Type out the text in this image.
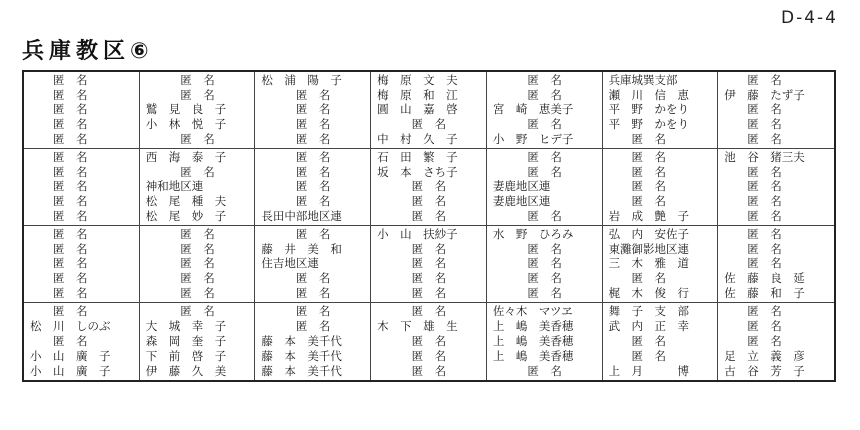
D-4-4
兵庫教区⑥
　　匿　名
　　匿　名
　　匿　名
　　匿　名
　　匿　名
　　　匿　名
　　　匿　名
鷲　見　良　子
小　林　悦　子
　　　匿　名
松　浦　陽　子
　　　匿　名
　　　匿　名
　　　匿　名
　　　匿　名
梅　原　文　夫
梅　原　和　江
圓　山　嘉　啓
　　　匿　名
中　村　久　子
　　　匿　名
　　　匿　名
宮　崎　恵美子
　　　匿　名
小　野　ヒデ子
兵庫城巽支部
瀬　川　信　恵
平　野　かをり
平　野　かをり
　　匿　名
　　匿　名
伊　藤　たず子
　　匿　名
　　匿　名
　　匿　名
　　匿　名
　　匿　名
　　匿　名
　　匿　名
　　匿　名
西　海　泰　子
　　　匿　名
神和地区連
松　尾　種　夫
松　尾　妙　子
　　　匿　名
　　　匿　名
　　　匿　名
　　　匿　名
長田中部地区連
石　田　繁　子
坂　本　さち子
　　　匿　名
　　　匿　名
　　　匿　名
　　　匿　名
　　　匿　名
妻鹿地区連
妻鹿地区連
　　　匿　名
　　匿　名
　　匿　名
　　匿　名
　　匿　名
岩　成　艶　子
池　谷　猪三夫
　　匿　名
　　匿　名
　　匿　名
　　匿　名
　　匿　名
　　匿　名
　　匿　名
　　匿　名
　　匿　名
　　　匿　名
　　　匿　名
　　　匿　名
　　　匿　名
　　　匿　名
　　　匿　名
藤　井　美　和
住吉地区連
　　　匿　名
　　　匿　名
小　山　扶紗子
　　　匿　名
　　　匿　名
　　　匿　名
　　　匿　名
水　野　ひろみ
　　　匿　名
　　　匿　名
　　　匿　名
　　　匿　名
弘　内　安佐子
東灘御影地区連
三　木　雅　道
　　匿　名
梶　木　俊　行
　　匿　名
　　匿　名
　　匿　名
佐　藤　良　延
佐　藤　和　子
　　匿　名
松　川　しのぶ
　　匿　名
小　山　廣　子
小　山　廣　子
　　　匿　名
大　城　幸　子
森　岡　奎　子
下　前　啓　子
伊　藤　久　美
　　　匿　名
　　　匿　名
藤　本　美千代
藤　本　美千代
藤　本　美千代
　　　匿　名
木　下　雄　生
　　　匿　名
　　　匿　名
　　　匿　名
佐々木　マツヱ
上　嶋　美香穂
上　嶋　美香穂
上　嶋　美香穂
　　　匿　名
舞　子　支　部
武　内　正　幸
　　匿　名
　　匿　名
上　月　　　博
　　匿　名
　　匿　名
　　匿　名
足　立　義　彦
古　谷　芳　子
